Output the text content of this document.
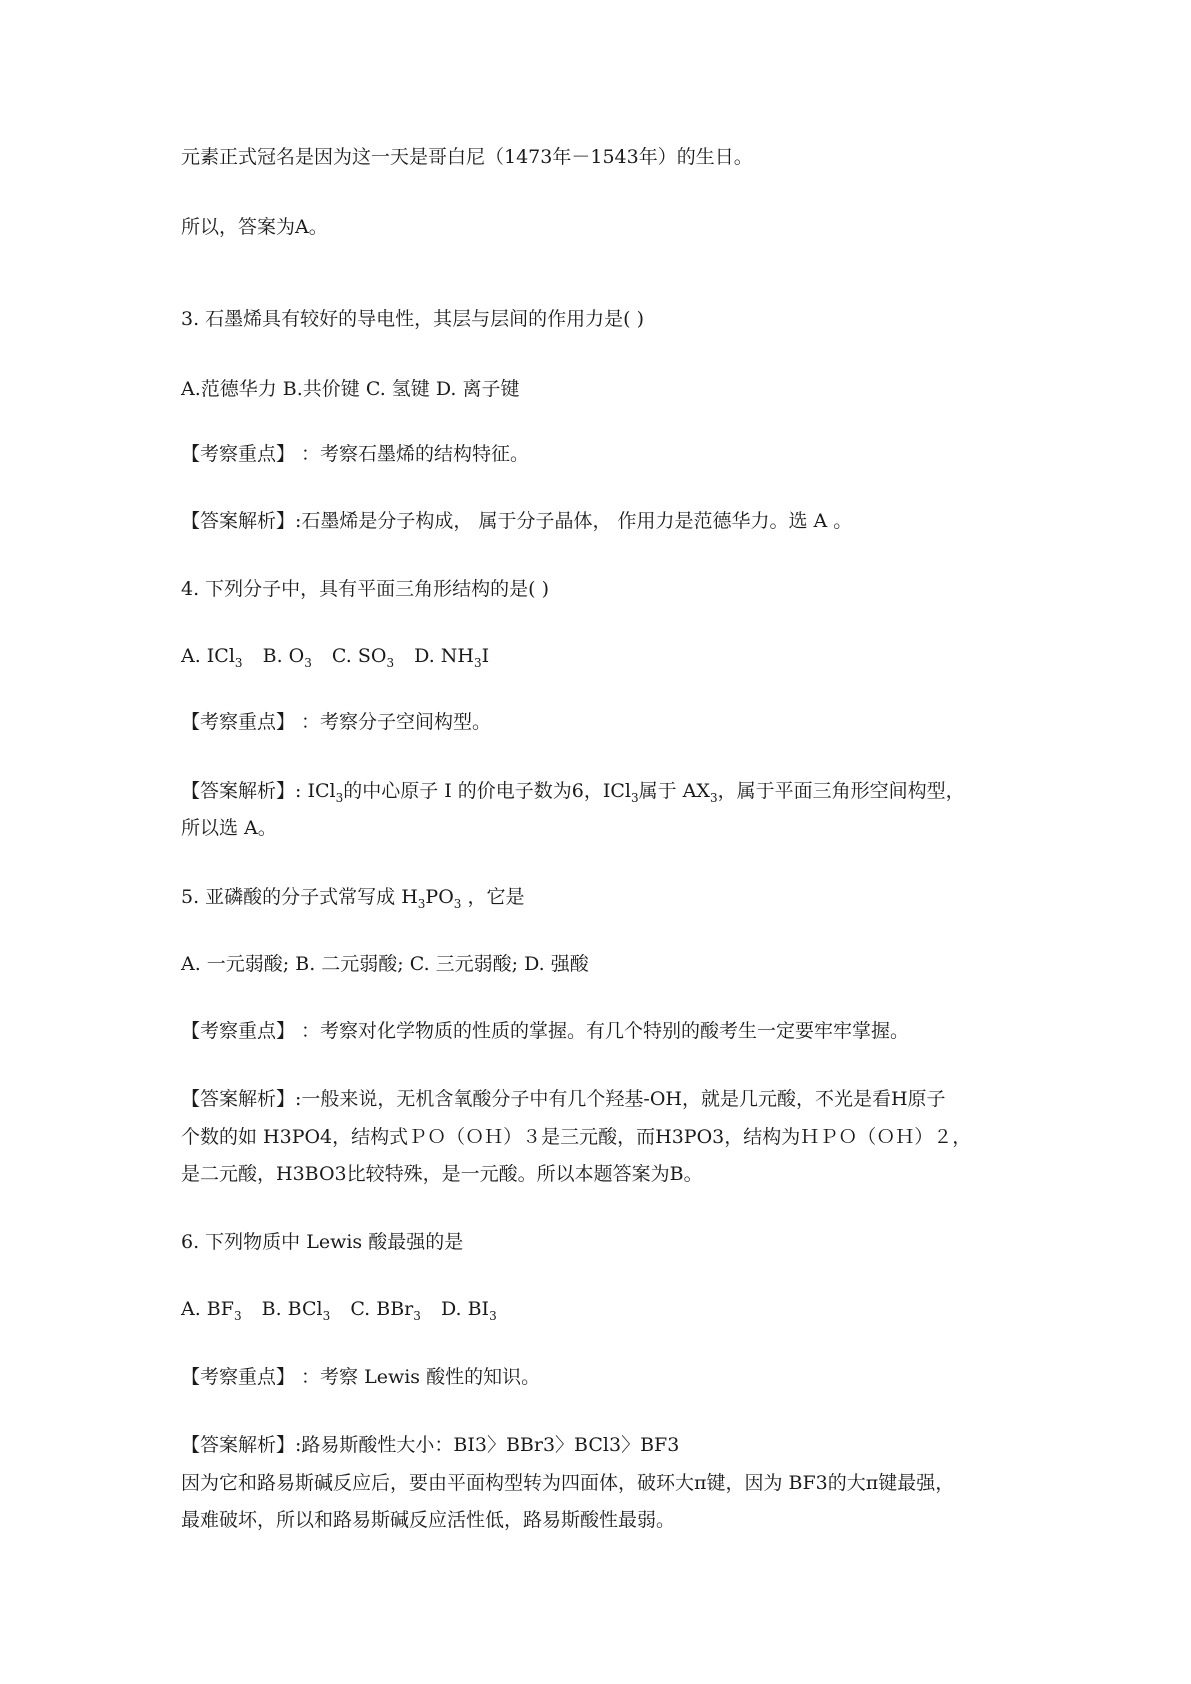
元素正式冠名是因为这一天是哥白尼（1473年－1543年）的生日。
所以，答案为A。
3. 石墨烯具有较好的导电性，其层与层间的作用力是( )
A.范德华力 B.共价键 C. 氢键 D. 离子键
【考察重点】 ：考察石墨烯的结构特征。
【答案解析】:石墨烯是分子构成， 属于分子晶体， 作用力是范德华力。选 A 。
4. 下列分子中，具有平面三角形结构的是( )
A. ICl$_3$ B. $O_3$ C. $SO_3$ D. $NH_3I$
【考察重点】 ：考察分子空间构型。
【答案解析】: ICl$_3$的中心原子 I 的价电子数为6，ICl$_3$属于 $AX_3$，属于平面三角形空间构型，
所以选 A。
5. 亚磷酸的分子式常写成 $H_3PO_3$ ，它是
A. 一元弱酸; B. 二元弱酸; C. 三元弱酸; D. 强酸
【考察重点】 ：考察对化学物质的性质的掌握。有几个特别的酸考生一定要牢牢掌握。
【答案解析】:一般来说，无机含氧酸分子中有几个羟基-OH，就是几元酸，不光是看H原子
个数的如 H3PO4，结构式ＰＯ（ＯＨ）３是三元酸，而H3PO3，结构为ＨＰＯ（ＯＨ）２，
是二元酸，H3BO3比较特殊，是一元酸。所以本题答案为B。
6. 下列物质中 Lewis 酸最强的是
A. $BF_3$ B. BCl$_3$ C. BBr$_3$ D. $BI_3$
【考察重点】 ：考察 Lewis 酸性的知识。
【答案解析】:路易斯酸性大小：BI3〉BBr3〉BCl3〉BF3
因为它和路易斯碱反应后，要由平面构型转为四面体，破环大π键，因为 BF3的大π键最强，
最难破坏，所以和路易斯碱反应活性低，路易斯酸性最弱。
